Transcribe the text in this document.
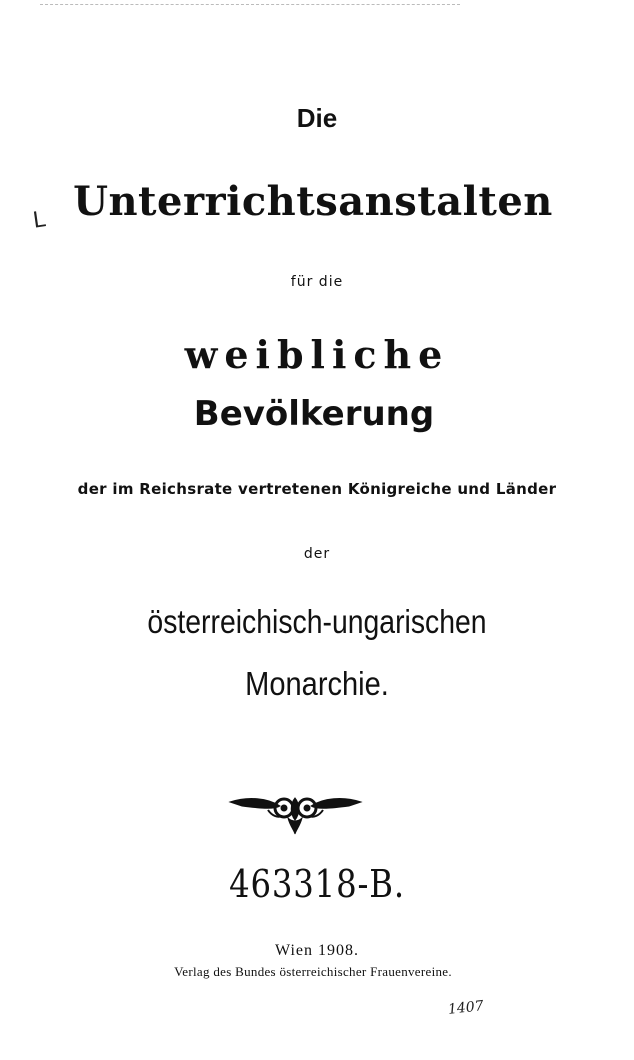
Die
L Unterrichtsanstalten
für die
weibliche
Bevölkerung
der im Reichsrate vertretenen Königreiche und Länder
der
österreichisch-ungarischen
Monarchie.
463318-B.
Wien 1908.
Verlag des Bundes österreichischer Frauenvereine.
1407
